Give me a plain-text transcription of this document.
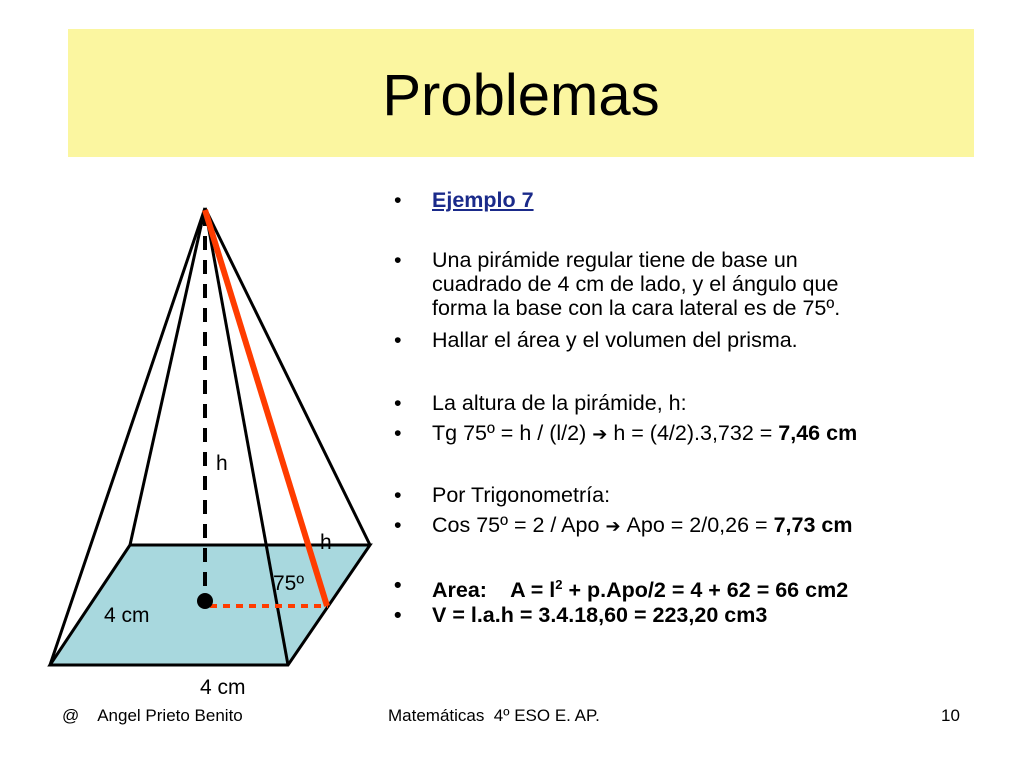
Problemas
h
h
75º
4 cm
4 cm
• Ejemplo 7
• Una pirámide regular tiene de base un
cuadrado de 4 cm de lado, y el ángulo que
forma la base con la cara lateral es de 75º.
• Hallar el área y el volumen del prisma.
• La altura de la pirámide, h:
• Tg 75º = h / (l/2) ➔ h = (4/2).3,732 = 7,46 cm
• Por Trigonometría:
• Cos 75º = 2 / Apo ➔ Apo = 2/0,26 = 7,73 cm
• Area:    $A = l^2 + p.Apo/2 = 4 + 62 = 66$ cm2
• V = l.a.h = 3.4.18,60 = 223,20 cm3
@    Angel Prieto Benito	Matemáticas  4º ESO E. AP.	10
